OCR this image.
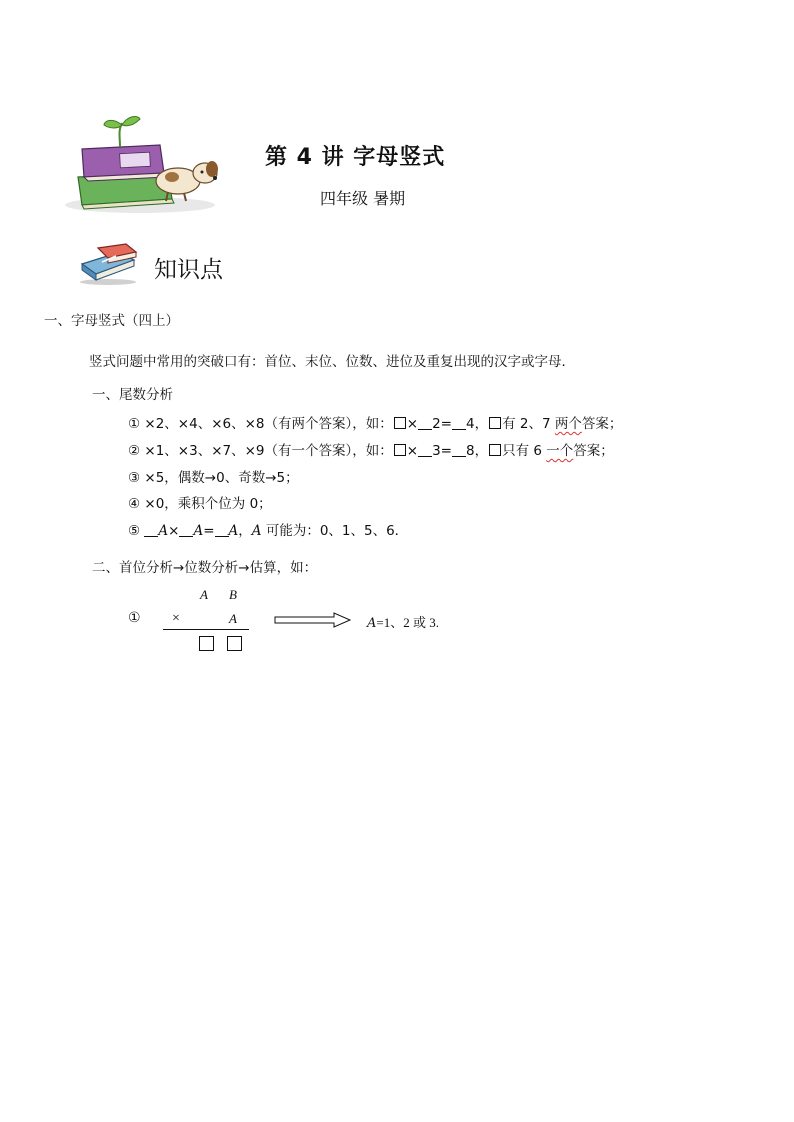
第 4 讲 字母竖式
四年级 暑期
知识点
一、字母竖式（四上）
竖式问题中常用的突破口有：首位、末位、位数、进位及重复出现的汉字或字母．
一、尾数分析
① ×2、×4、×6、×8（有两个答案），如： × 2= 4， 有 2、7 两个答案；
② ×1、×3、×7、×9（有一个答案），如： × 3= 8， 只有 6 一个答案；
③ ×5，偶数→0、奇数→5；
④ ×0，乘积个位为 0；
⑤ A× A= A，A 可能为：0、1、5、6．
二、首位分析→位数分析→估算，如：
①
A B
×	A	A=1、2 或 3.
